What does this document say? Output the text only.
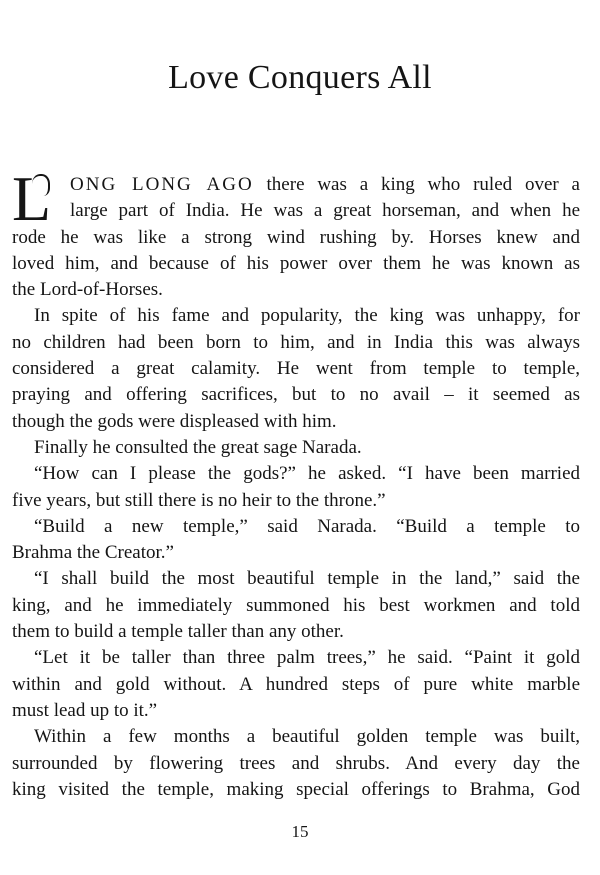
Love Conquers All
L ONG LONG AGO there was a king who ruled over a
large part of India. He was a great horseman, and when he
rode he was like a strong wind rushing by. Horses knew and
loved him, and because of his power over them he was known as
the Lord-of-Horses.
In spite of his fame and popularity, the king was unhappy, for
no children had been born to him, and in India this was always
considered a great calamity. He went from temple to temple,
praying and offering sacrifices, but to no avail – it seemed as
though the gods were displeased with him.
Finally he consulted the great sage Narada.
“How can I please the gods?” he asked. “I have been married
five years, but still there is no heir to the throne.”
“Build a new temple,” said Narada. “Build a temple to
Brahma the Creator.”
“I shall build the most beautiful temple in the land,” said the
king, and he immediately summoned his best workmen and told
them to build a temple taller than any other.
“Let it be taller than three palm trees,” he said. “Paint it gold
within and gold without. A hundred steps of pure white marble
must lead up to it.”
Within a few months a beautiful golden temple was built,
surrounded by flowering trees and shrubs. And every day the
king visited the temple, making special offerings to Brahma, God
15
